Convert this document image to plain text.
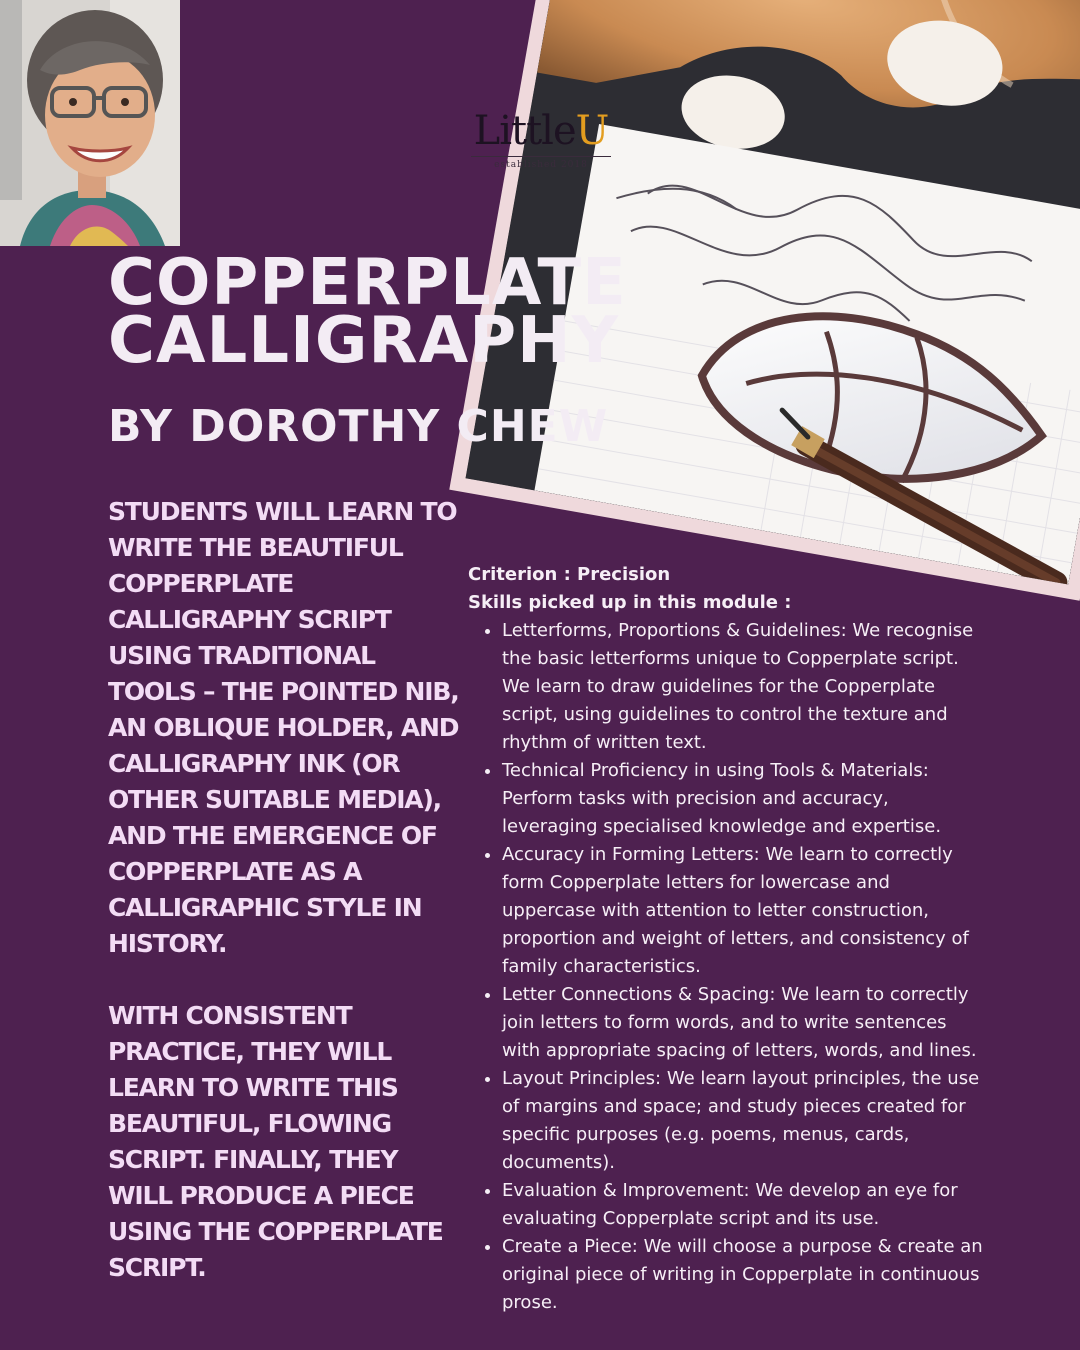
LittleU
established 2018
COPPERPLATE
CALLIGRAPHY
BY DOROTHY CHEW

STUDENTS WILL LEARN TO WRITE THE BEAUTIFUL COPPERPLATE CALLIGRAPHY SCRIPT USING TRADITIONAL TOOLS – THE POINTED NIB, AN OBLIQUE HOLDER, AND CALLIGRAPHY INK (OR OTHER SUITABLE MEDIA), AND THE EMERGENCE OF COPPERPLATE AS A CALLIGRAPHIC STYLE IN HISTORY.

WITH CONSISTENT PRACTICE, THEY WILL LEARN TO WRITE THIS BEAUTIFUL, FLOWING SCRIPT. FINALLY, THEY WILL PRODUCE A PIECE USING THE COPPERPLATE SCRIPT.

Criterion : Precision

Skills picked up in this module :

• Letterforms, Proportions & Guidelines: We recognise the basic letterforms unique to Copperplate script. We learn to draw guidelines for the Copperplate script, using guidelines to control the texture and rhythm of written text.
• Technical Proficiency in using Tools & Materials: Perform tasks with precision and accuracy, leveraging specialised knowledge and expertise.
• Accuracy in Forming Letters: We learn to correctly form Copperplate letters for lowercase and uppercase with attention to letter construction, proportion and weight of letters, and consistency of family characteristics.
• Letter Connections & Spacing: We learn to correctly join letters to form words, and to write sentences with appropriate spacing of letters, words, and lines.
• Layout Principles: We learn layout principles, the use of margins and space; and study pieces created for specific purposes (e.g. poems, menus, cards, documents).
• Evaluation & Improvement: We develop an eye for evaluating Copperplate script and its use.
• Create a Piece: We will choose a purpose & create an original piece of writing in Copperplate in continuous prose.
